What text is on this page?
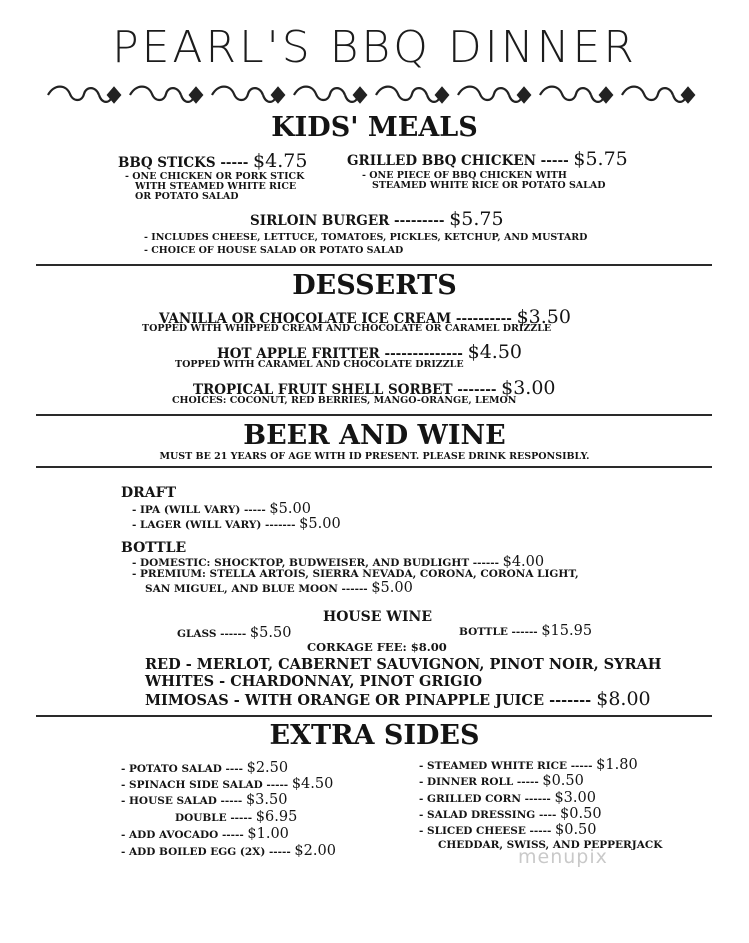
PEARL'S BBQ DINNER
KIDS' MEALS
BBQ STICKS ----- $4.75
- ONE CHICKEN OR PORK STICK
WITH STEAMED WHITE RICE
OR POTATO SALAD
GRILLED BBQ CHICKEN ----- $5.75
- ONE PIECE OF BBQ CHICKEN WITH
STEAMED WHITE RICE OR POTATO SALAD
SIRLOIN BURGER --------- $5.75
- INCLUDES CHEESE, LETTUCE, TOMATOES, PICKLES, KETCHUP, AND MUSTARD
- CHOICE OF HOUSE SALAD OR POTATO SALAD
DESSERTS
VANILLA OR CHOCOLATE ICE CREAM ---------- $3.50
TOPPED WITH WHIPPED CREAM AND CHOCOLATE OR CARAMEL DRIZZLE
HOT APPLE FRITTER -------------- $4.50
TOPPED WITH CARAMEL AND CHOCOLATE DRIZZLE
TROPICAL FRUIT SHELL SORBET ------- $3.00
CHOICES: COCONUT, RED BERRIES, MANGO-ORANGE, LEMON
BEER AND WINE
MUST BE 21 YEARS OF AGE WITH ID PRESENT. PLEASE DRINK RESPONSIBLY.
DRAFT
- IPA (WILL VARY) ----- $5.00
- LAGER (WILL VARY) ------- $5.00
BOTTLE
- DOMESTIC: SHOCKTOP, BUDWEISER, AND BUDLIGHT ------ $4.00
- PREMIUM: STELLA ARTOIS, SIERRA NEVADA, CORONA, CORONA LIGHT,
SAN MIGUEL, AND BLUE MOON ------ $5.00
HOUSE WINE
GLASS ------ $5.50	BOTTLE ------ $15.95
CORKAGE FEE: $8.00
RED - MERLOT, CABERNET SAUVIGNON, PINOT NOIR, SYRAH
WHITES - CHARDONNAY, PINOT GRIGIO
MIMOSAS - WITH ORANGE OR PINAPPLE JUICE ------- $8.00
EXTRA SIDES
- POTATO SALAD ---- $2.50
- SPINACH SIDE SALAD ----- $4.50
- HOUSE SALAD ----- $3.50
DOUBLE ----- $6.95
- ADD AVOCADO ----- $1.00
- ADD BOILED EGG (2X) ----- $2.00
- STEAMED WHITE RICE ----- $1.80
- DINNER ROLL ----- $0.50
- GRILLED CORN ------ $3.00
- SALAD DRESSING ---- $0.50
- SLICED CHEESE ----- $0.50
CHEDDAR, SWISS, AND PEPPERJACK
menupix
